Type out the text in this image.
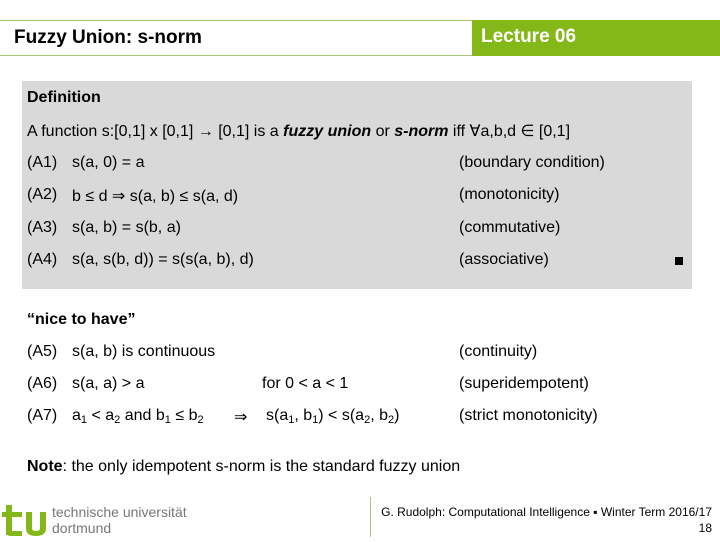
Fuzzy Union: s-norm	Lecture 06
Definition
A function s:[0,1] x [0,1] → [0,1] is a fuzzy union or s-norm iff ∀a,b,d ∈ [0,1]
(A1) s(a, 0) = a	(boundary condition)
(A2) b ≤ d ⇒ s(a, b) ≤ s(a, d)	(monotonicity)
(A3) s(a, b) = s(b, a)	(commutative)
(A4) s(a, s(b, d)) = s(s(a, b), d)	(associative)
“nice to have”
(A5) s(a, b) is continuous	(continuity)
(A6) s(a, a) > a	for 0 < a < 1	(superidempotent)
(A7) $a_1 < a_2$ and $b_1 \le b_2$ ⇒ $s(a_1$, $b_1) < s(a_2$, $b_2$)	(strict monotonicity)
Note: the only idempotent s-norm is the standard fuzzy union
technische universität
dortmund
G. Rudolph: Computational Intelligence ▪ Winter Term 2016/17
18
